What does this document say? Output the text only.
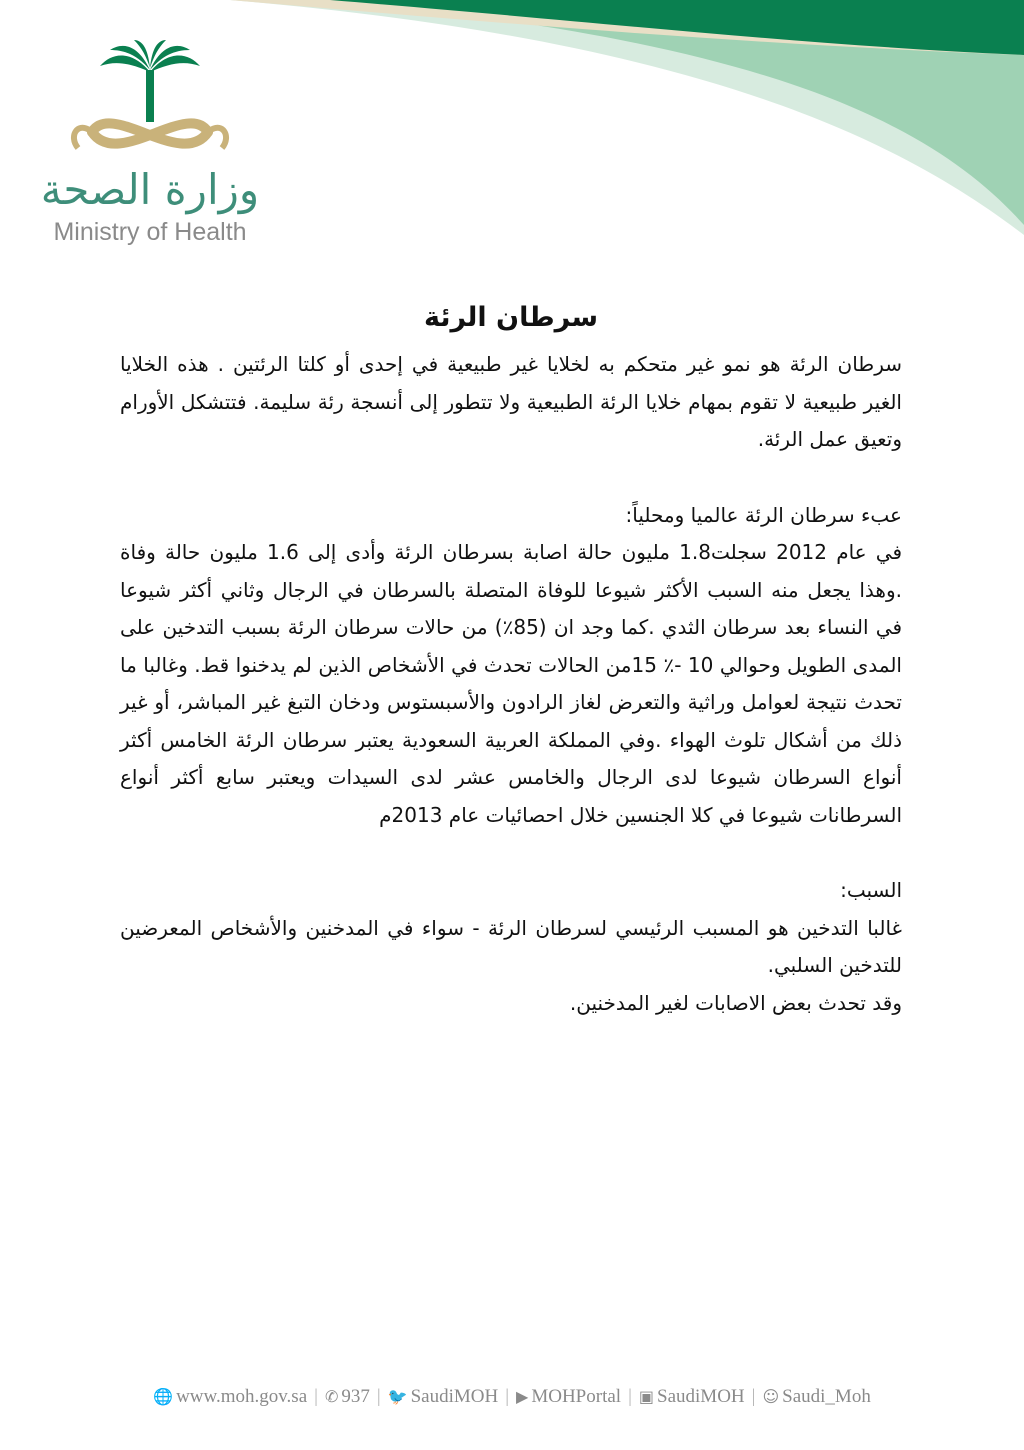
وزارة الصحة
Ministry of Health
سرطان الرئة

سرطان الرئة هو نمو غير متحكم به لخلايا غير طبيعية في إحدى أو كلتا الرئتين . هذه الخلايا الغير طبيعية لا تقوم بمهام خلايا الرئة الطبيعية ولا تتطور إلى أنسجة رئة سليمة. فتتشكل الأورام وتعيق عمل الرئة.

عبء سرطان الرئة عالميا ومحلياً:

في عام 2012 سجلت1.8 مليون حالة اصابة بسرطان الرئة وأدى إلى 1.6 مليون حالة وفاة .وهذا يجعل منه السبب الأكثر شيوعا للوفاة المتصلة بالسرطان في الرجال وثاني أكثر شيوعا في النساء بعد سرطان الثدي .كما وجد ان (85٪) من حالات سرطان الرئة بسبب التدخين على المدى الطويل وحوالي 10 -٪ 15من الحالات تحدث في الأشخاص الذين لم يدخنوا قط. وغالبا ما تحدث نتيجة لعوامل وراثية والتعرض لغاز الرادون والأسبستوس ودخان التبغ غير المباشر، أو غير ذلك من أشكال تلوث الهواء .وفي المملكة العربية السعودية يعتبر سرطان الرئة الخامس أكثر أنواع السرطان شيوعا لدى الرجال والخامس عشر لدى السيدات ويعتبر سابع أكثر أنواع السرطانات شيوعا في كلا الجنسين خلال احصائيات عام 2013م

السبب:

غالبا التدخين هو المسبب الرئيسي لسرطان الرئة - سواء في المدخنين والأشخاص المعرضين للتدخين السلبي.

وقد تحدث بعض الاصابات لغير المدخنين.

🌐 www.moh.gov.sa | ✆ 937 | 🐦 SaudiMOH | ▶ MOHPortal | ▣ SaudiMOH | ☺ Saudi_Moh
